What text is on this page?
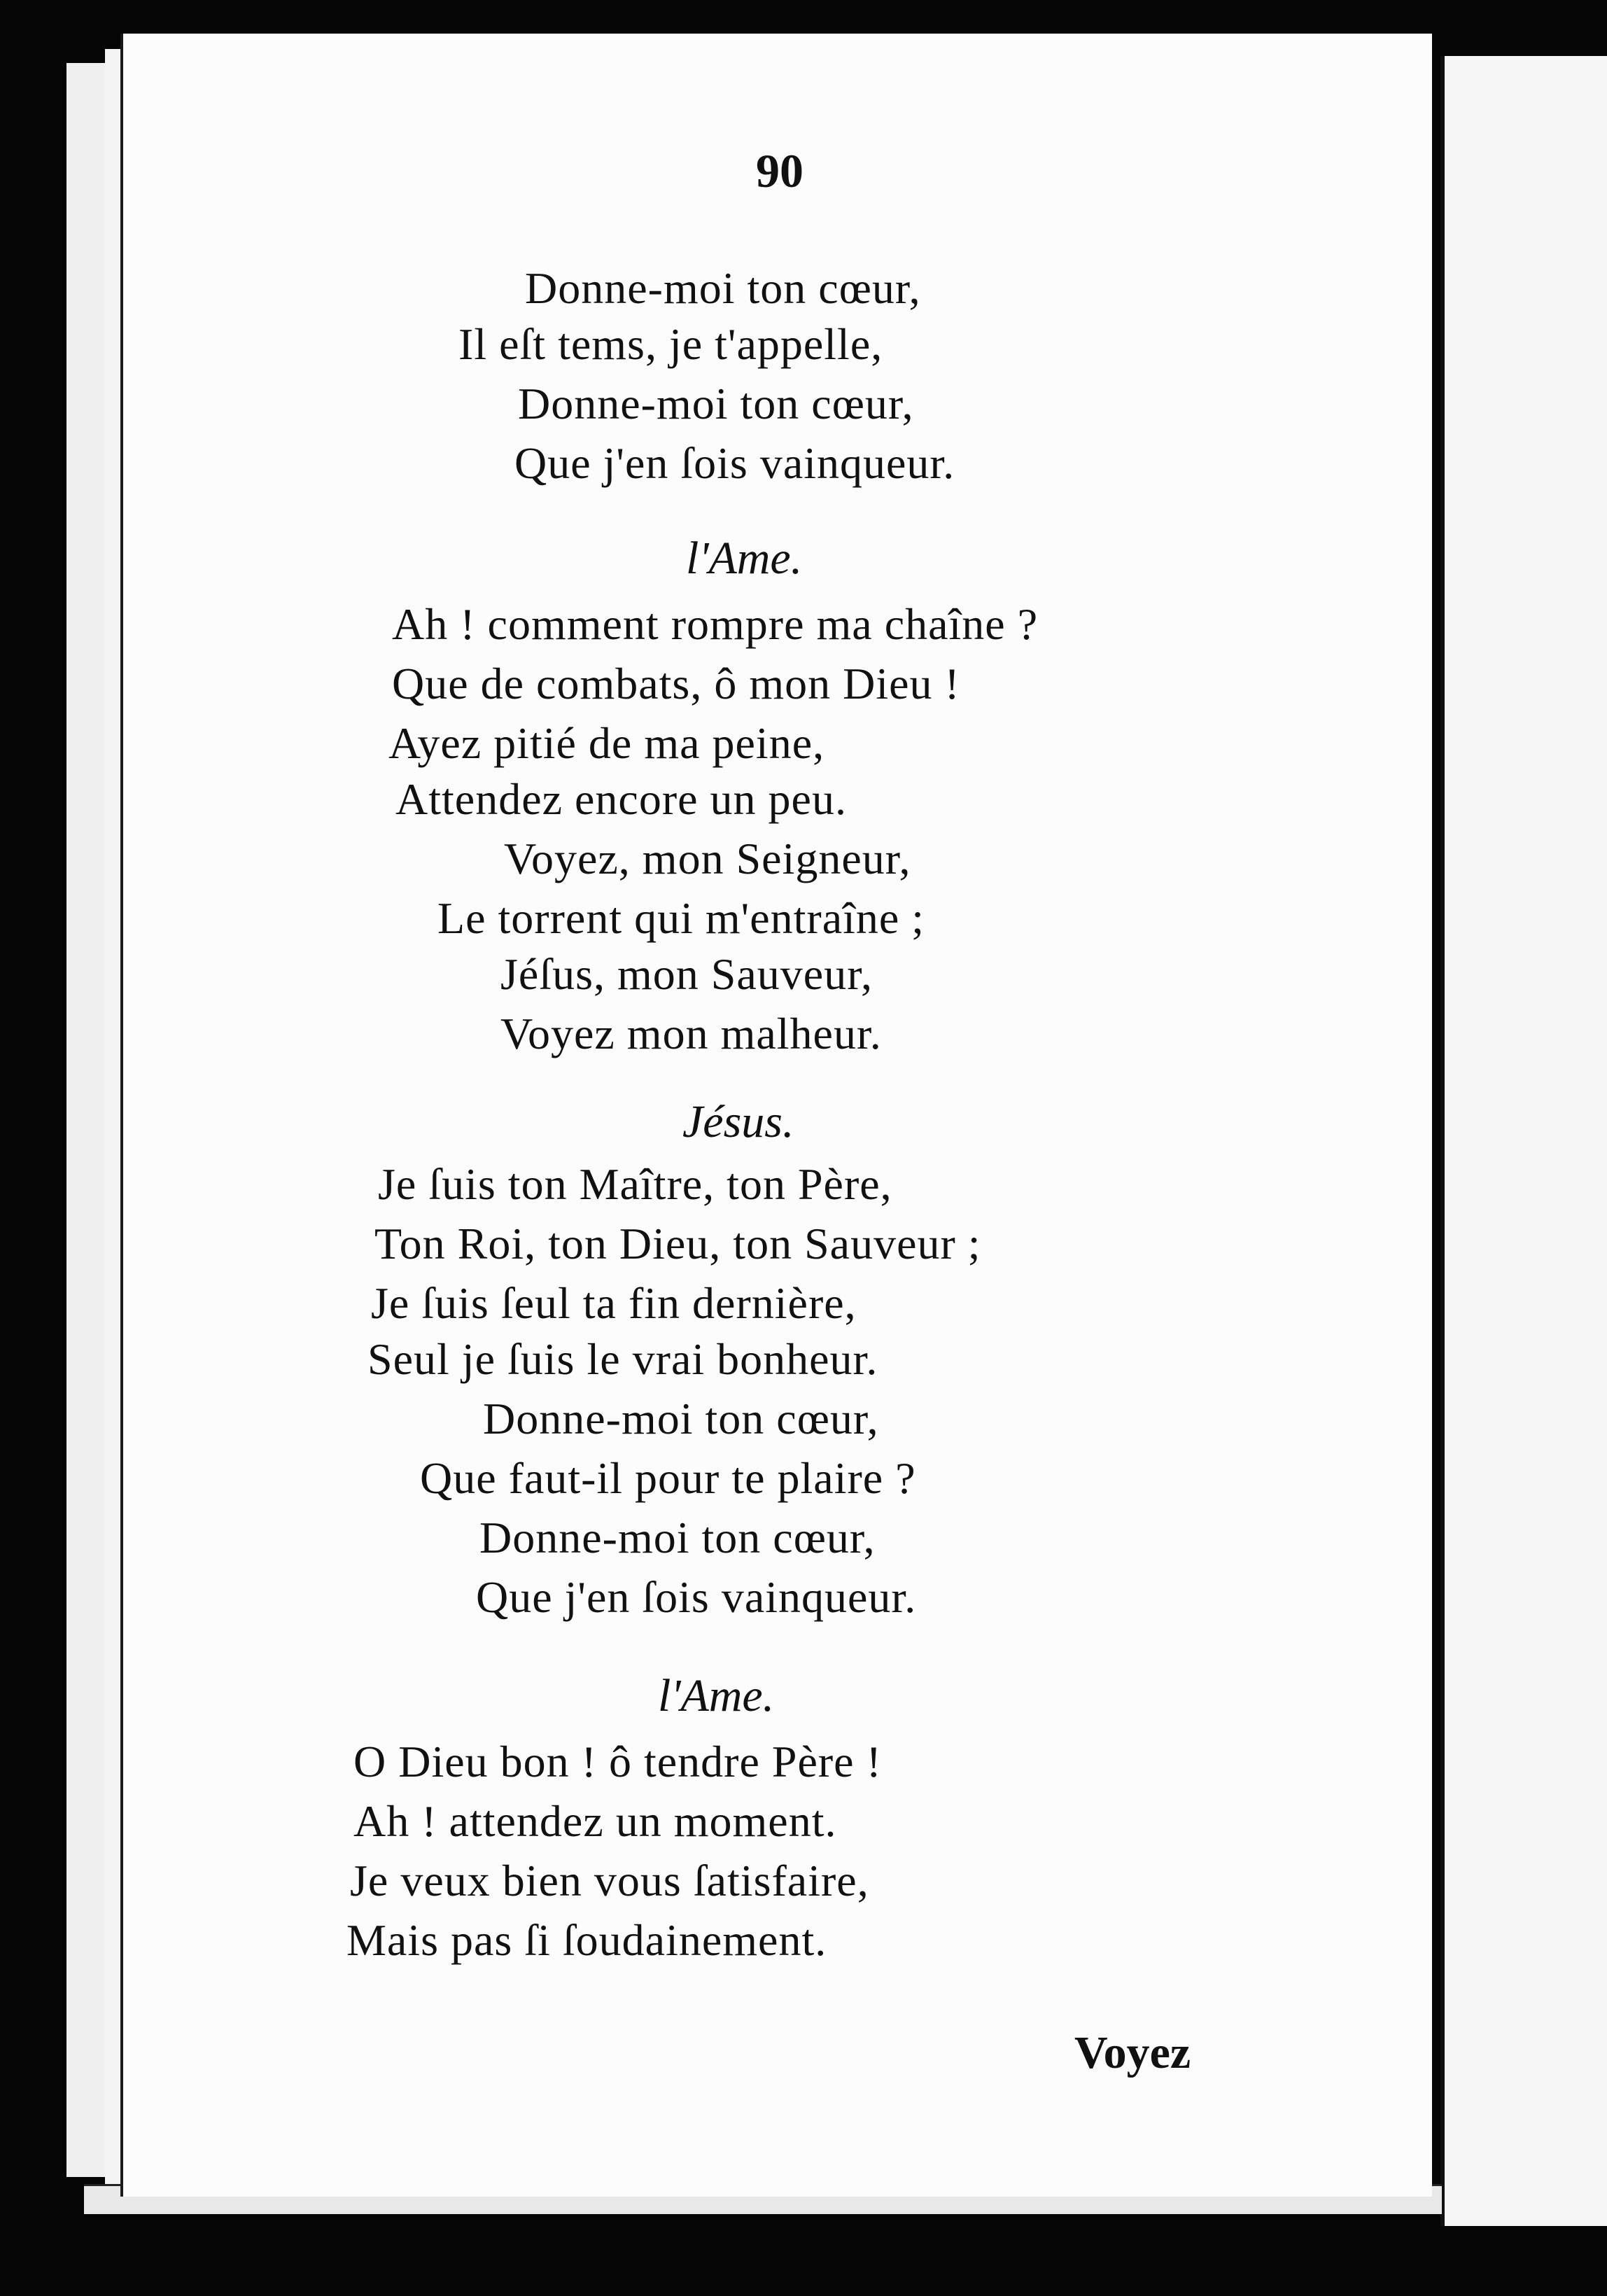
90
Donne-moi ton cœur,
Il eſt tems, je t'appelle,
Donne-moi ton cœur,
Que j'en ſois vainqueur.
l'Ame.
Ah ! comment rompre ma chaîne ?
Que de combats, ô mon Dieu !
Ayez pitié de ma peine,
Attendez encore un peu.
Voyez, mon Seigneur,
Le torrent qui m'entraîne ;
Jéſus, mon Sauveur,
Voyez mon malheur.
Jésus.
Je ſuis ton Maître, ton Père,
Ton Roi, ton Dieu, ton Sauveur ;
Je ſuis ſeul ta fin dernière,
Seul je ſuis le vrai bonheur.
Donne-moi ton cœur,
Que faut-il pour te plaire ?
Donne-moi ton cœur,
Que j'en ſois vainqueur.
l'Ame.
O Dieu bon ! ô tendre Père !
Ah ! attendez un moment.
Je veux bien vous ſatisfaire,
Mais pas ſi ſoudainement.
Voyez
